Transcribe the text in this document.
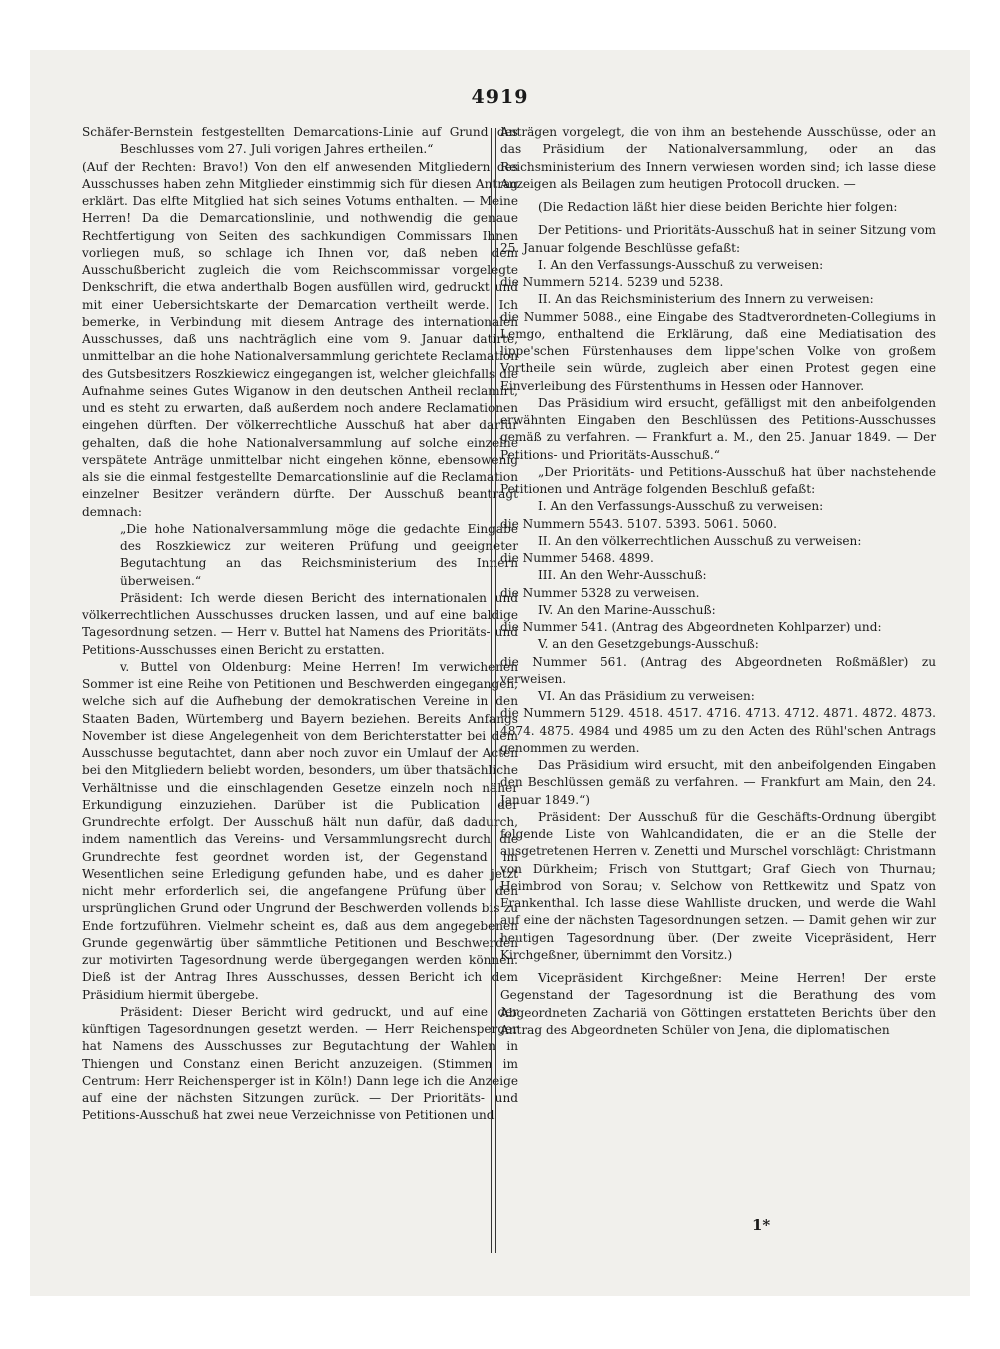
4919

Schäfer-Bernstein festgestellten Demarcations-Linie auf Grund des Beschlusses vom 27. Juli vorigen Jahres ertheilen.“

(Auf der Rechten: Bravo!) Von den elf anwesenden Mitgliedern des Ausschusses haben zehn Mitglieder einstimmig sich für diesen Antrag erklärt. Das elfte Mitglied hat sich seines Votums enthalten. — Meine Herren! Da die Demarcationslinie, und nothwendig die genaue Rechtfertigung von Seiten des sachkundigen Commissars Ihnen vorliegen muß, so schlage ich Ihnen vor, daß neben dem Ausschußbericht zugleich die vom Reichscommissar vorgelegte Denkschrift, die etwa anderthalb Bogen ausfüllen wird, gedruckt und mit einer Uebersichtskarte der Demarcation vertheilt werde. Ich bemerke, in Verbindung mit diesem Antrage des internationalen Ausschusses, daß uns nachträglich eine vom 9. Januar datirte, unmittelbar an die hohe Nationalversammlung gerichtete Reclamation des Gutsbesitzers Roszkiewicz eingegangen ist, welcher gleichfalls die Aufnahme seines Gutes Wiganow in den deutschen Antheil reclamirt, und es steht zu erwarten, daß außerdem noch andere Reclamationen eingehen dürften. Der völkerrechtliche Ausschuß hat aber darfür gehalten, daß die hohe Nationalversammlung auf solche einzelne verspätete Anträge unmittelbar nicht eingehen könne, ebensowenig als sie die einmal festgestellte Demarcationslinie auf die Reclamation einzelner Besitzer verändern dürfte. Der Ausschuß beantragt demnach:

„Die hohe Nationalversammlung möge die gedachte Eingabe des Roszkiewicz zur weiteren Prüfung und geeigneter Begutachtung an das Reichsministerium des Innern überweisen.“

Präsident: Ich werde diesen Bericht des internationalen und völkerrechtlichen Ausschusses drucken lassen, und auf eine baldige Tagesordnung setzen. — Herr v. Buttel hat Namens des Prioritäts- und Petitions-Ausschusses einen Bericht zu erstatten.

v. Buttel von Oldenburg: Meine Herren! Im verwichenen Sommer ist eine Reihe von Petitionen und Beschwerden eingegangen, welche sich auf die Aufhebung der demokratischen Vereine in den Staaten Baden, Würtemberg und Bayern beziehen. Bereits Anfangs November ist diese Angelegenheit von dem Berichterstatter bei dem Ausschusse begutachtet, dann aber noch zuvor ein Umlauf der Acten bei den Mitgliedern beliebt worden, besonders, um über thatsächliche Verhältnisse und die einschlagenden Gesetze einzeln noch näher Erkundigung einzuziehen. Darüber ist die Publication der Grundrechte erfolgt. Der Ausschuß hält nun dafür, daß dadurch, indem namentlich das Vereins- und Versammlungsrecht durch die Grundrechte fest geordnet worden ist, der Gegenstand im Wesentlichen seine Erledigung gefunden habe, und es daher jetzt nicht mehr erforderlich sei, die angefangene Prüfung über den ursprünglichen Grund oder Ungrund der Beschwerden vollends bis zu Ende fortzuführen. Vielmehr scheint es, daß aus dem angegebenen Grunde gegenwärtig über sämmtliche Petitionen und Beschwerden zur motivirten Tagesordnung werde übergegangen werden können. Dieß ist der Antrag Ihres Ausschusses, dessen Bericht ich dem Präsidium hiermit übergebe.

Präsident: Dieser Bericht wird gedruckt, und auf eine der künftigen Tagesordnungen gesetzt werden. — Herr Reichensperger hat Namens des Ausschusses zur Begutachtung der Wahlen in Thiengen und Constanz einen Bericht anzuzeigen. (Stimmen im Centrum: Herr Reichensperger ist in Köln!) Dann lege ich die Anzeige auf eine der nächsten Sitzungen zurück. — Der Prioritäts- und Petitions-Ausschuß hat zwei neue Verzeichnisse von Petitionen und

Anträgen vorgelegt, die von ihm an bestehende Ausschüsse, oder an das Präsidium der Nationalversammlung, oder an das Reichsministerium des Innern verwiesen worden sind; ich lasse diese Anzeigen als Beilagen zum heutigen Protocoll drucken. —

(Die Redaction läßt hier diese beiden Berichte hier folgen:

Der Petitions- und Prioritäts-Ausschuß hat in seiner Sitzung vom 25. Januar folgende Beschlüsse gefaßt:

I. An den Verfassungs-Ausschuß zu verweisen:

die Nummern 5214. 5239 und 5238.

II. An das Reichsministerium des Innern zu verweisen:

die Nummer 5088., eine Eingabe des Stadtverordneten-Collegiums in Lemgo, enthaltend die Erklärung, daß eine Mediatisation des lippe'schen Fürstenhauses dem lippe'schen Volke von großem Vortheile sein würde, zugleich aber einen Protest gegen eine Einverleibung des Fürstenthums in Hessen oder Hannover.

Das Präsidium wird ersucht, gefälligst mit den anbeifolgenden erwähnten Eingaben den Beschlüssen des Petitions-Ausschusses gemäß zu verfahren. — Frankfurt a. M., den 25. Januar 1849. — Der Petitions- und Prioritäts-Ausschuß.“

„Der Prioritäts- und Petitions-Ausschuß hat über nachstehende Petitionen und Anträge folgenden Beschluß gefaßt:

I. An den Verfassungs-Ausschuß zu verweisen:

die Nummern 5543. 5107. 5393. 5061. 5060.

II. An den völkerrechtlichen Ausschuß zu verweisen:

die Nummer 5468. 4899.

III. An den Wehr-Ausschuß:

die Nummer 5328 zu verweisen.

IV. An den Marine-Ausschuß:

die Nummer 541. (Antrag des Abgeordneten Kohlparzer) und:

V. an den Gesetzgebungs-Ausschuß:

die Nummer 561. (Antrag des Abgeordneten Roßmäßler) zu verweisen.

VI. An das Präsidium zu verweisen:

die Nummern 5129. 4518. 4517. 4716. 4713. 4712. 4871. 4872. 4873. 4874. 4875. 4984 und 4985 um zu den Acten des Rühl'schen Antrags genommen zu werden.

Das Präsidium wird ersucht, mit den anbeifolgenden Eingaben den Beschlüssen gemäß zu verfahren. — Frankfurt am Main, den 24. Januar 1849.“)

Präsident: Der Ausschuß für die Geschäfts-Ordnung übergibt folgende Liste von Wahlcandidaten, die er an die Stelle der ausgetretenen Herren v. Zenetti und Murschel vorschlägt: Christmann von Dürkheim; Frisch von Stuttgart; Graf Giech von Thurnau; Heimbrod von Sorau; v. Selchow von Rettkewitz und Spatz von Frankenthal. Ich lasse diese Wahlliste drucken, und werde die Wahl auf eine der nächsten Tagesordnungen setzen. — Damit gehen wir zur heutigen Tagesordnung über. (Der zweite Vicepräsident, Herr Kirchgeßner, übernimmt den Vorsitz.)

Vicepräsident Kirchgeßner: Meine Herren! Der erste Gegenstand der Tagesordnung ist die Berathung des vom Abgeordneten Zachariä von Göttingen erstatteten Berichts über den Antrag des Abgeordneten Schüler von Jena, die diplomatischen

1*
